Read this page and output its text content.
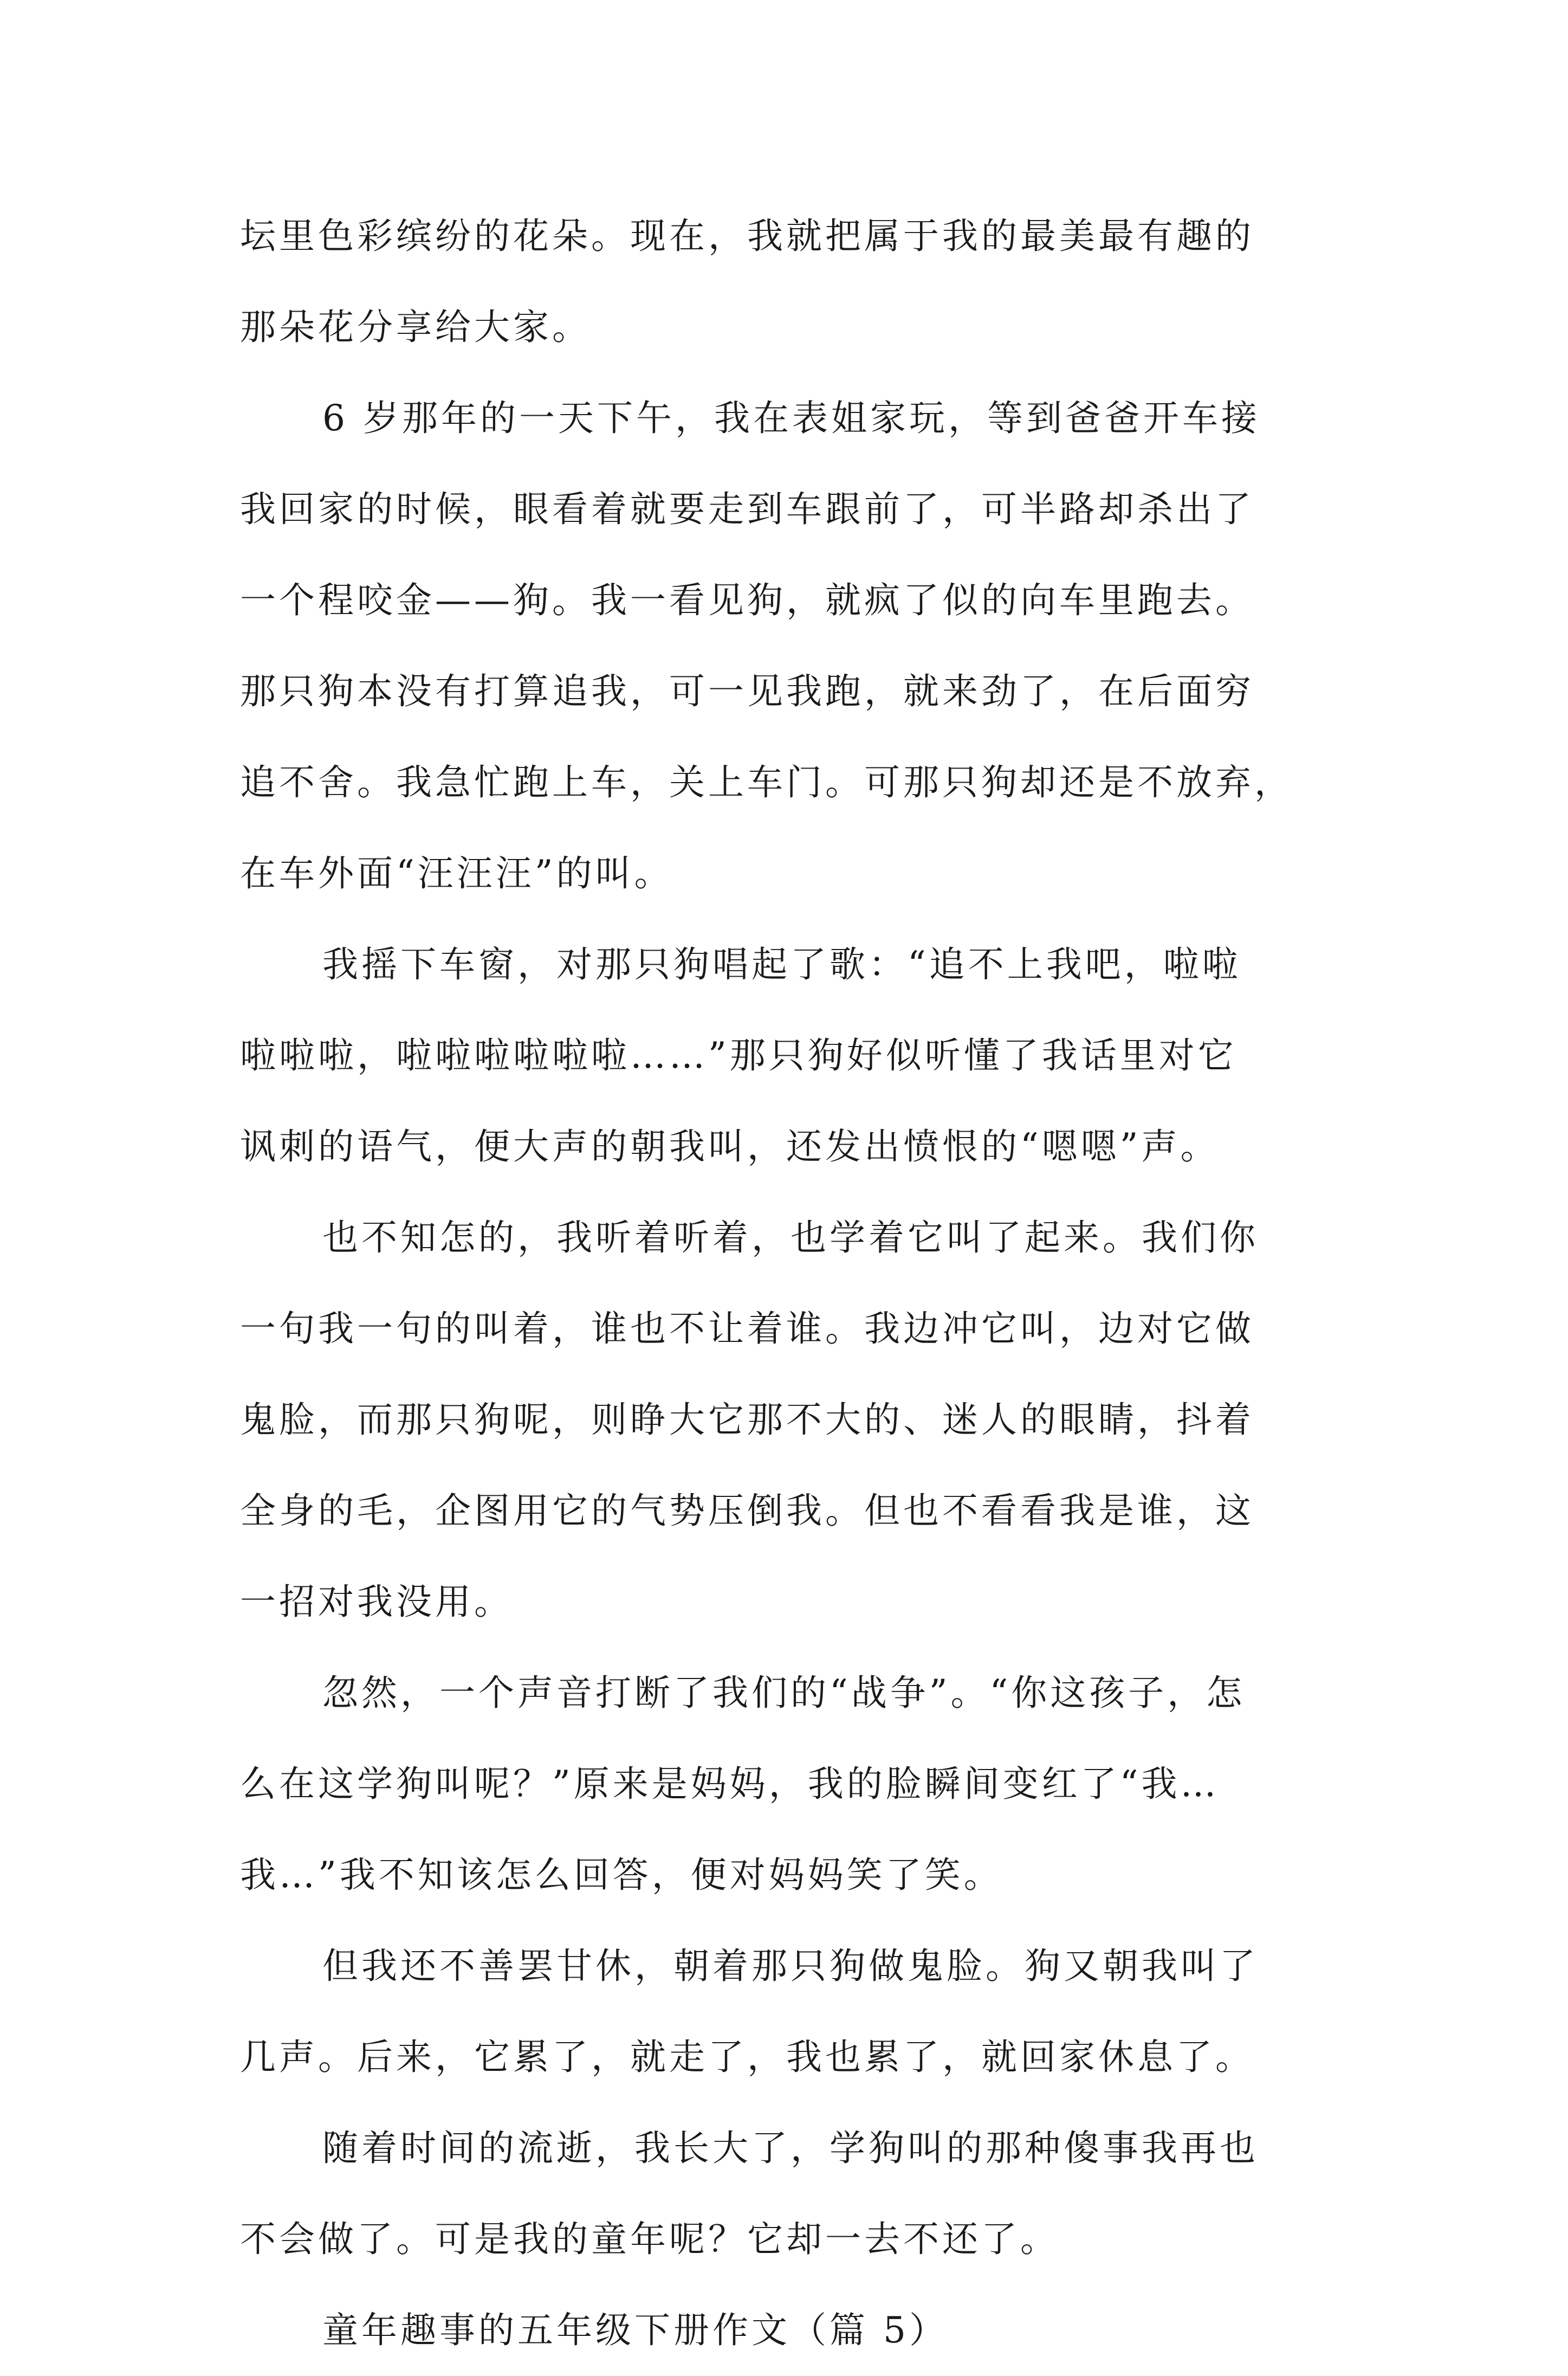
坛里色彩缤纷的花朵。现在，我就把属于我的最美最有趣的
那朵花分享给大家。
6 岁那年的一天下午，我在表姐家玩，等到爸爸开车接
我回家的时候，眼看着就要走到车跟前了，可半路却杀出了
一个程咬金——狗。我一看见狗，就疯了似的向车里跑去。
那只狗本没有打算追我，可一见我跑，就来劲了，在后面穷
追不舍。我急忙跑上车，关上车门。可那只狗却还是不放弃，
在车外面“汪汪汪”的叫。
我摇下车窗，对那只狗唱起了歌：“追不上我吧，啦啦
啦啦啦，啦啦啦啦啦啦……”那只狗好似听懂了我话里对它
讽刺的语气，便大声的朝我叫，还发出愤恨的“嗯嗯”声。
也不知怎的，我听着听着，也学着它叫了起来。我们你
一句我一句的叫着，谁也不让着谁。我边冲它叫，边对它做
鬼脸，而那只狗呢，则睁大它那不大的、迷人的眼睛，抖着
全身的毛，企图用它的气势压倒我。但也不看看我是谁，这
一招对我没用。
忽然，一个声音打断了我们的“战争”。“你这孩子，怎
么在这学狗叫呢？”原来是妈妈，我的脸瞬间变红了“我…
我…”我不知该怎么回答，便对妈妈笑了笑。
但我还不善罢甘休，朝着那只狗做鬼脸。狗又朝我叫了
几声。后来，它累了，就走了，我也累了，就回家休息了。
随着时间的流逝，我长大了，学狗叫的那种傻事我再也
不会做了。可是我的童年呢？它却一去不还了。
童年趣事的五年级下册作文（篇 5）
